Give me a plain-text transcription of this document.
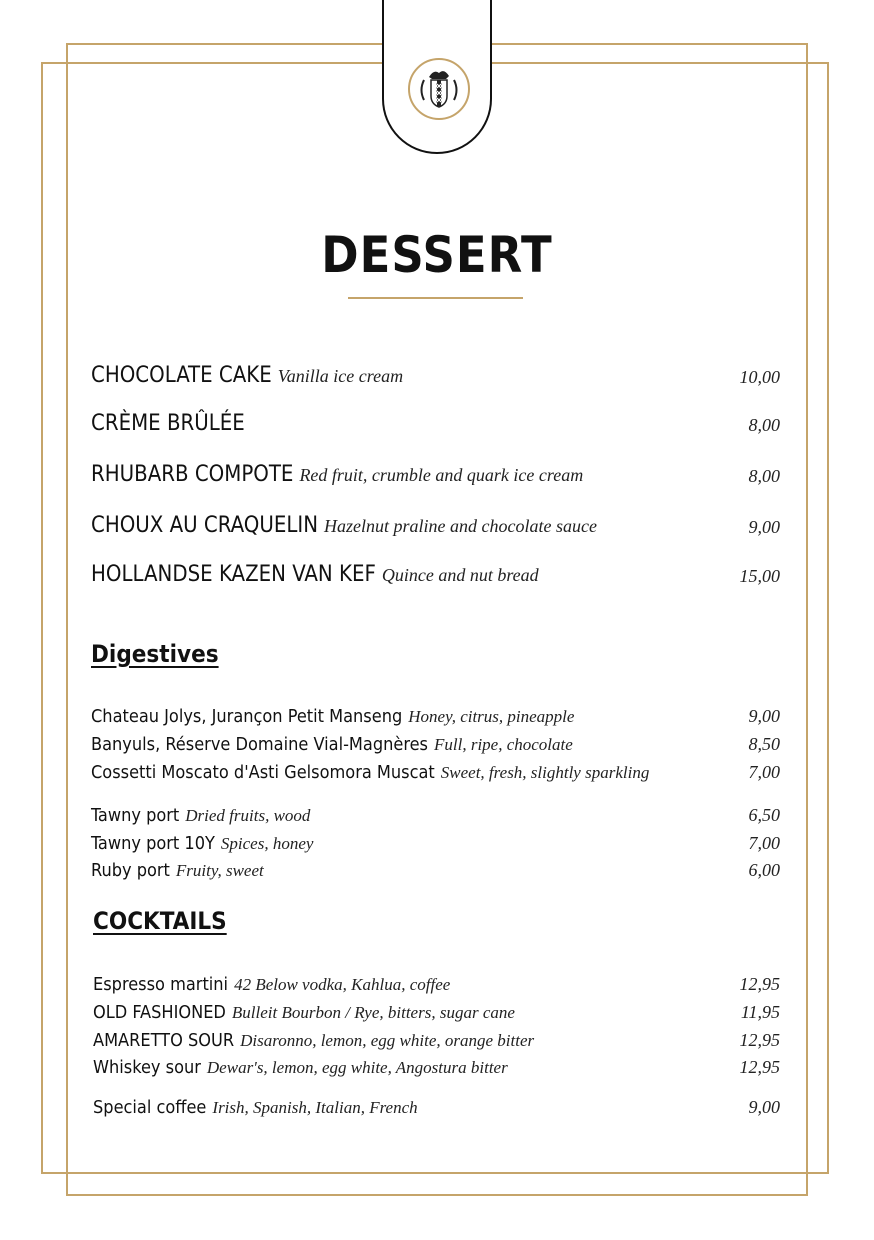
DESSERT
CHOCOLATE CAKE Vanilla ice cream	10,00
CRÈME BRÛLÉE	8,00
RHUBARB COMPOTE Red fruit, crumble and quark ice cream	8,00
CHOUX AU CRAQUELIN Hazelnut praline and chocolate sauce	9,00
HOLLANDSE KAZEN VAN KEF Quince and nut bread	15,00
Digestives
Chateau Jolys, Jurançon Petit Manseng Honey, citrus, pineapple	9,00
Banyuls, Réserve Domaine Vial-Magnères Full, ripe, chocolate	8,50
Cossetti Moscato d'Asti Gelsomora Muscat Sweet, fresh, slightly sparkling	7,00
Tawny port Dried fruits, wood	6,50
Tawny port 10Y Spices, honey	7,00
Ruby port Fruity, sweet	6,00
COCKTAILS
Espresso martini 42 Below vodka, Kahlua, coffee	12,95
OLD FASHIONED Bulleit Bourbon / Rye, bitters, sugar cane	11,95
AMARETTO SOUR Disaronno, lemon, egg white, orange bitter	12,95
Whiskey sour Dewar's, lemon, egg white, Angostura bitter	12,95
Special coffee Irish, Spanish, Italian, French	9,00
